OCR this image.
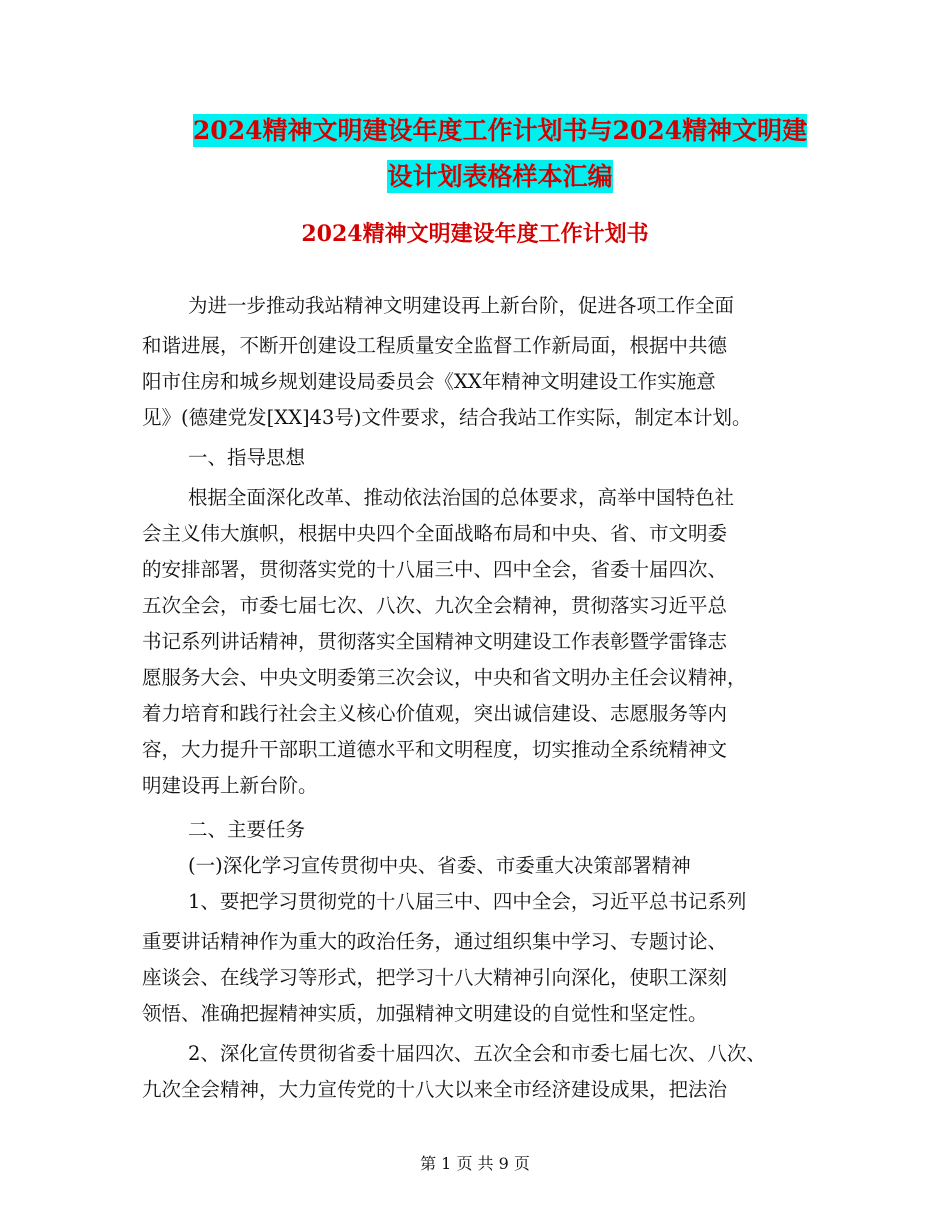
2024精神文明建设年度工作计划书与2024精神文明建
设计划表格样本汇编
2024精神文明建设年度工作计划书
为进一步推动我站精神文明建设再上新台阶，促进各项工作全面
和谐进展，不断开创建设工程质量安全监督工作新局面，根据中共德
阳市住房和城乡规划建设局委员会《XX年精神文明建设工作实施意
见》(德建党发[XX]43号)文件要求，结合我站工作实际，制定本计划。
一、指导思想
根据全面深化改革、推动依法治国的总体要求，高举中国特色社
会主义伟大旗帜，根据中央四个全面战略布局和中央、省、市文明委
的安排部署，贯彻落实党的十八届三中、四中全会，省委十届四次、
五次全会，市委七届七次、八次、九次全会精神，贯彻落实习近平总
书记系列讲话精神，贯彻落实全国精神文明建设工作表彰暨学雷锋志
愿服务大会、中央文明委第三次会议，中央和省文明办主任会议精神，
着力培育和践行社会主义核心价值观，突出诚信建设、志愿服务等内
容，大力提升干部职工道德水平和文明程度，切实推动全系统精神文
明建设再上新台阶。
二、主要任务
(一)深化学习宣传贯彻中央、省委、市委重大决策部署精神
1、要把学习贯彻党的十八届三中、四中全会，习近平总书记系列
重要讲话精神作为重大的政治任务，通过组织集中学习、专题讨论、
座谈会、在线学习等形式，把学习十八大精神引向深化，使职工深刻
领悟、准确把握精神实质，加强精神文明建设的自觉性和坚定性。
2、深化宣传贯彻省委十届四次、五次全会和市委七届七次、八次、
九次全会精神，大力宣传党的十八大以来全市经济建设成果，把法治
第 1 页 共 9 页
